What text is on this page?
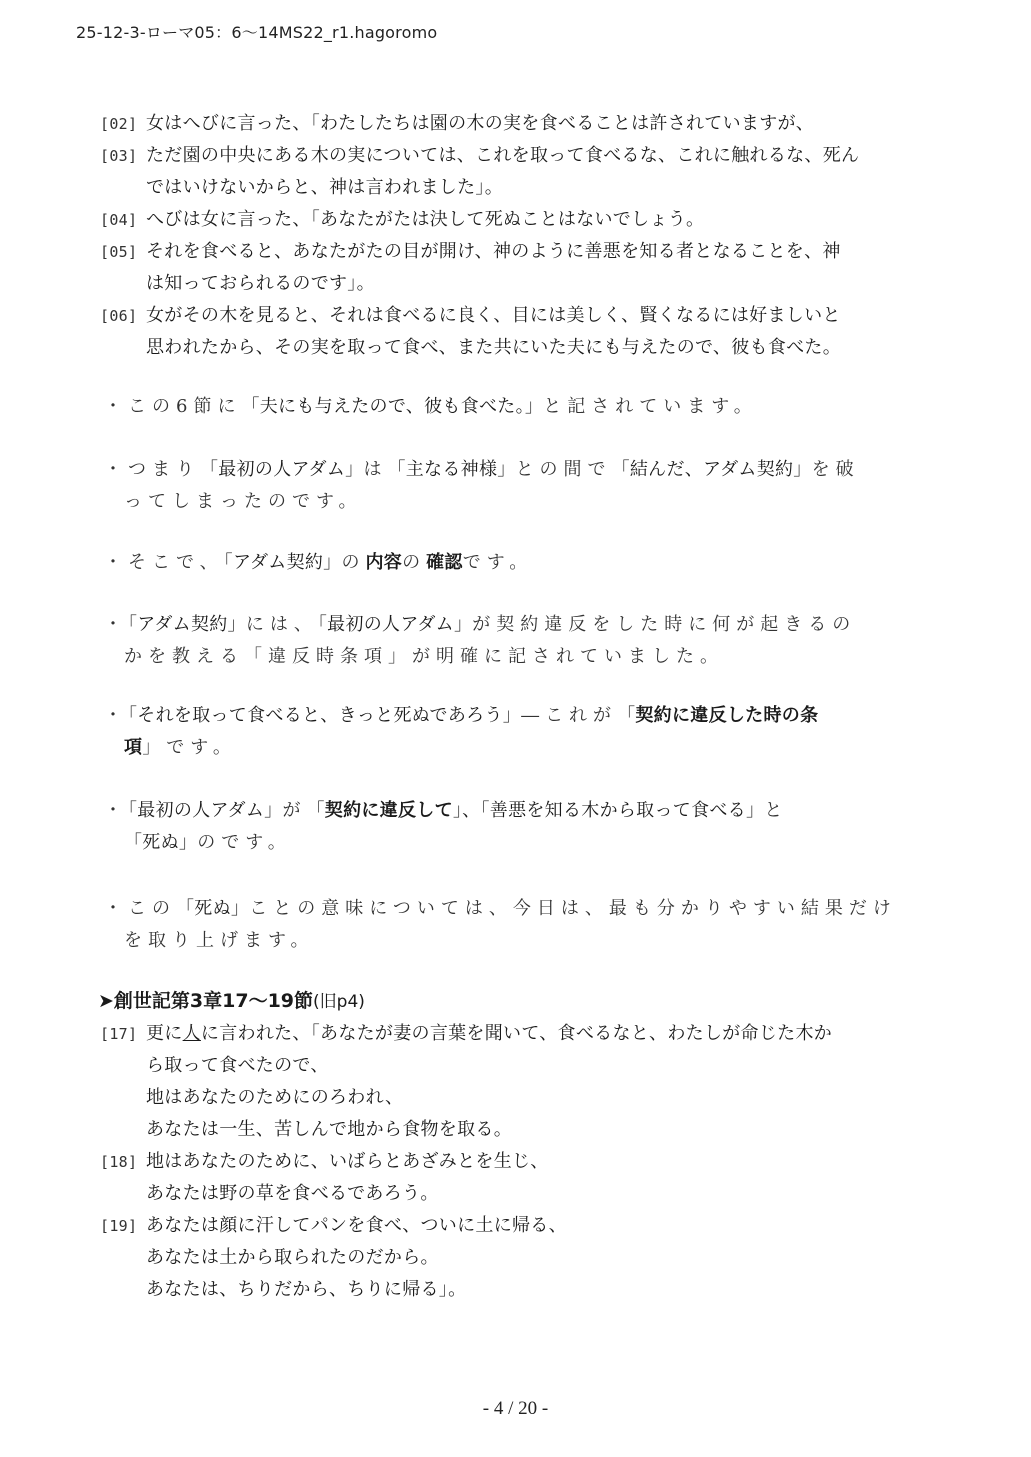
25-12-3-ローマ05：6～14MS22_r1.hagoromo
[02] 女はへびに言った、「わたしたちは園の木の実を食べることは許されていますが、
[03] ただ園の中央にある木の実については、これを取って食べるな、これに触れるな、死ん
ではいけないからと、神は言われました」。
[04] へびは女に言った、「あなたがたは決して死ぬことはないでしょう。
[05] それを食べると、あなたがたの目が開け、神のように善悪を知る者となることを、神
は知っておられるのです」。
[06] 女がその木を見ると、それは食べるに良く、目には美しく、賢くなるには好ましいと
思われたから、その実を取って食べ、また共にいた夫にも与えたので、彼も食べた。
・この6節に「夫にも与えたので、彼も食べた。」と記されています。
・つまり「最初の人アダム」は「主なる神様」との間で「結んだ、アダム契約」を破
ってしまったのです。
・そこで、「アダム契約」の内容の確認です。
・「アダム契約」には、「最初の人アダム」が契約違反をした時に何が起きるの
かを教える「違反時条項」が明確に記されていました。
・「それを取って食べると、きっと死ぬであろう」―これが「契約に違反した時の条
項」です。
・「最初の人アダム」が「契約に違反して」、「善悪を知る木から取って食べる」と
「死ぬ」のです。
・この「死ぬ」ことの意味については、今日は、最も分かりやすい結果だけ
を取り上げます。
➤創世記第3章17～19節(旧p4)
[17] 更に人に言われた、「あなたが妻の言葉を聞いて、食べるなと、わたしが命じた木か
ら取って食べたので、
地はあなたのためにのろわれ、
あなたは一生、苦しんで地から食物を取る。
[18] 地はあなたのために、いばらとあざみとを生じ、
あなたは野の草を食べるであろう。
[19] あなたは顔に汗してパンを食べ、ついに土に帰る、
あなたは土から取られたのだから。
あなたは、ちりだから、ちりに帰る」。
- 4 / 20 -
